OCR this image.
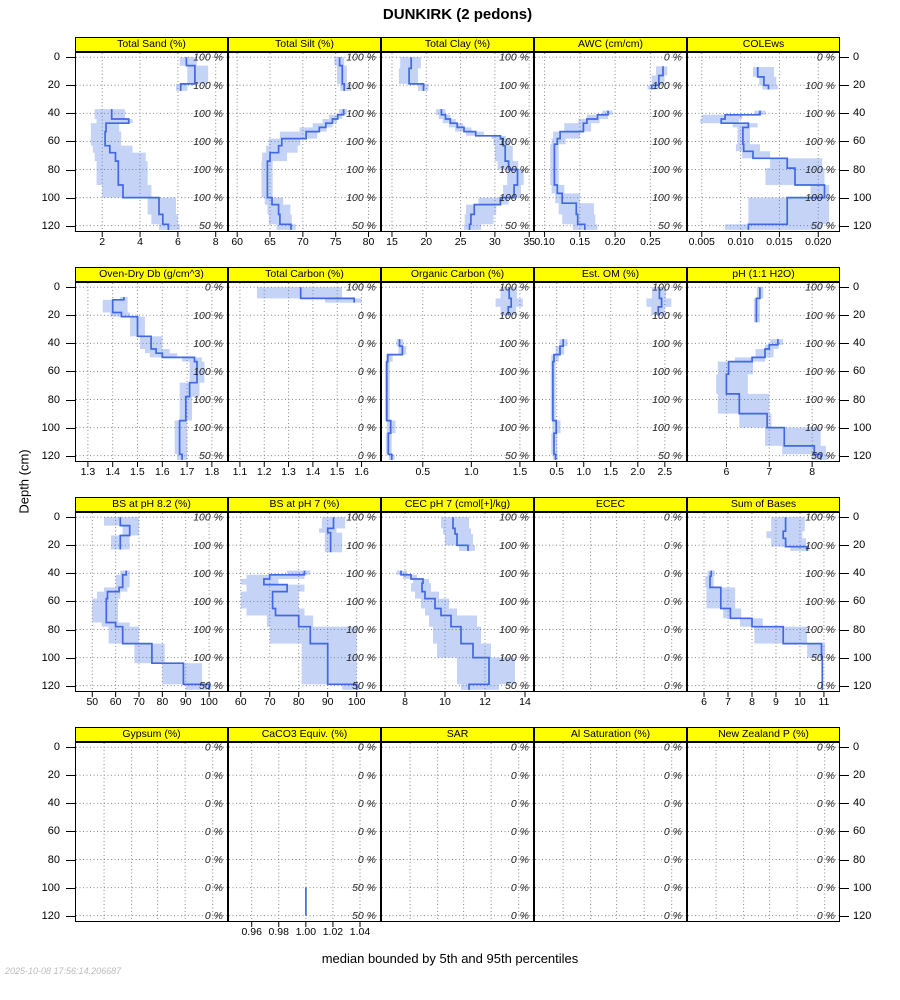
DUNKIRK (2 pedons)
Depth (cm)
Total Sand (%)
100 %
100 %
100 %
100 %
100 %
100 %
50 %
2	4	6	8
Total Silt (%)
100 %
100 %
100 %
100 %
100 %
100 %
50 %
60	65	70	75	80
Total Clay (%)
100 %
100 %
100 %
100 %
100 %
100 %
50 %
15	20	25	30	35
AWC (cm/cm)
0 %
100 %
100 %
100 %
100 %
100 %
50 %
0.10	0.15	0.20	0.25
COLEws
0 %
100 %
100 %
100 %
100 %
100 %
50 %
0.005	0.010	0.015	0.020
Oven-Dry Db (g/cm^3)
0 %
100 %
100 %
100 %
100 %
100 %
50 %
1.3 1.4 1.5 1.6 1.7 1.8
Total Carbon (%)
100 %
0 %
0 %
0 %
0 %
0 %
0 %
1.1 1.2 1.3 1.4 1.5 1.6
Organic Carbon (%)
100 %
100 %
100 %
100 %
100 %
100 %
50 %
0.5	1.0	1.5
Est. OM (%)
100 %
100 %
100 %
100 %
100 %
100 %
50 %
0.5	1.0	1.5	2.0	2.5
pH (1:1 H2O)
100 %
100 %
100 %
100 %
100 %
100 %
50 %
6	7	8
BS at pH 8.2 (%)
100 %
100 %
100 %
100 %
100 %
100 %
50 %
50	60	70	80	90 100
BS at pH 7 (%)
100 %
100 %
100 %
100 %
100 %
100 %
50 %
60	70	80	90	100
CEC pH 7 (cmol[+]/kg)
100 %
100 %
100 %
100 %
100 %
100 %
50 %
8	10	12	14
ECEC
0 %
0 %
0 %
0 %
0 %
0 %
0 %
Sum of Bases
100 %
100 %
100 %
100 %
100 %
50 %
0 %
6	7	8	9	10	11
Gypsum (%)
0 %
0 %
0 %
0 %
0 %
0 %
0 %
CaCO3 Equiv. (%)
0 %
0 %
0 %
0 %
0 %
50 %
50 %
0.96 0.98 1.00 1.02 1.04
SAR
0 %
0 %
0 %
0 %
0 %
0 %
0 %
Al Saturation (%)
0 %
0 %
0 %
0 %
0 %
0 %
0 %
New Zealand P (%)
0 %
0 %
0 %
0 %
0 %
0 %
0 %
0	0
20	20
40	40
60	60
80	80
100	100
120	120
0	0
20	20
40	40
60	60
80	80
100	100
120	120
0	0
20	20
40	40
60	60
80	80
100	100
120	120
0	0
20	20
40	40
60	60
80	80
100	100
120	120
median bounded by 5th and 95th percentiles
2025-10-08 17:56:14.206687
